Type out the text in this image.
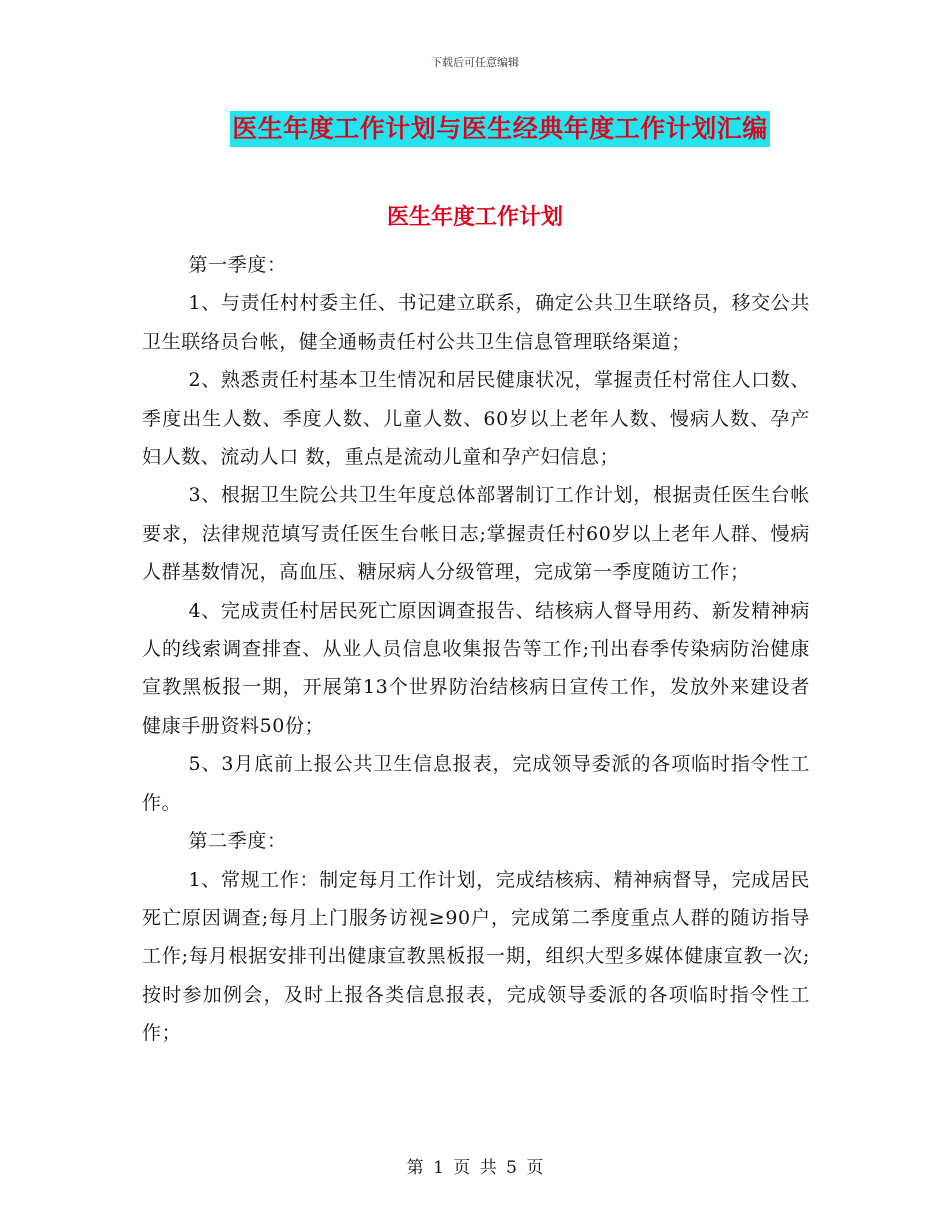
下载后可任意编辑
医生年度工作计划与医生经典年度工作计划汇编
医生年度工作计划

第一季度：

1、与责任村村委主任、书记建立联系，确定公共卫生联络员，移交公共卫生联络员台帐，健全通畅责任村公共卫生信息管理联络渠道；

2、熟悉责任村基本卫生情况和居民健康状况，掌握责任村常住人口数、季度出生人数、季度人数、儿童人数、60岁以上老年人数、慢病人数、孕产妇人数、流动人口 数，重点是流动儿童和孕产妇信息；

3、根据卫生院公共卫生年度总体部署制订工作计划，根据责任医生台帐要求，法律规范填写责任医生台帐日志;掌握责任村60岁以上老年人群、慢病人群基数情况，高血压、糖尿病人分级管理，完成第一季度随访工作；

4、完成责任村居民死亡原因调查报告、结核病人督导用药、新发精神病人的线索调查排查、从业人员信息收集报告等工作;刊出春季传染病防治健康宣教黑板报一期，开展第13个世界防治结核病日宣传工作，发放外来建设者健康手册资料50份；

5、3月底前上报公共卫生信息报表，完成领导委派的各项临时指令性工作。

第二季度：

1、常规工作：制定每月工作计划，完成结核病、精神病督导，完成居民死亡原因调查;每月上门服务访视≥90户，完成第二季度重点人群的随访指导工作;每月根据安排刊出健康宣教黑板报一期，组织大型多媒体健康宣教一次;按时参加例会，及时上报各类信息报表，完成领导委派的各项临时指令性工作；

第 1 页 共 5 页
